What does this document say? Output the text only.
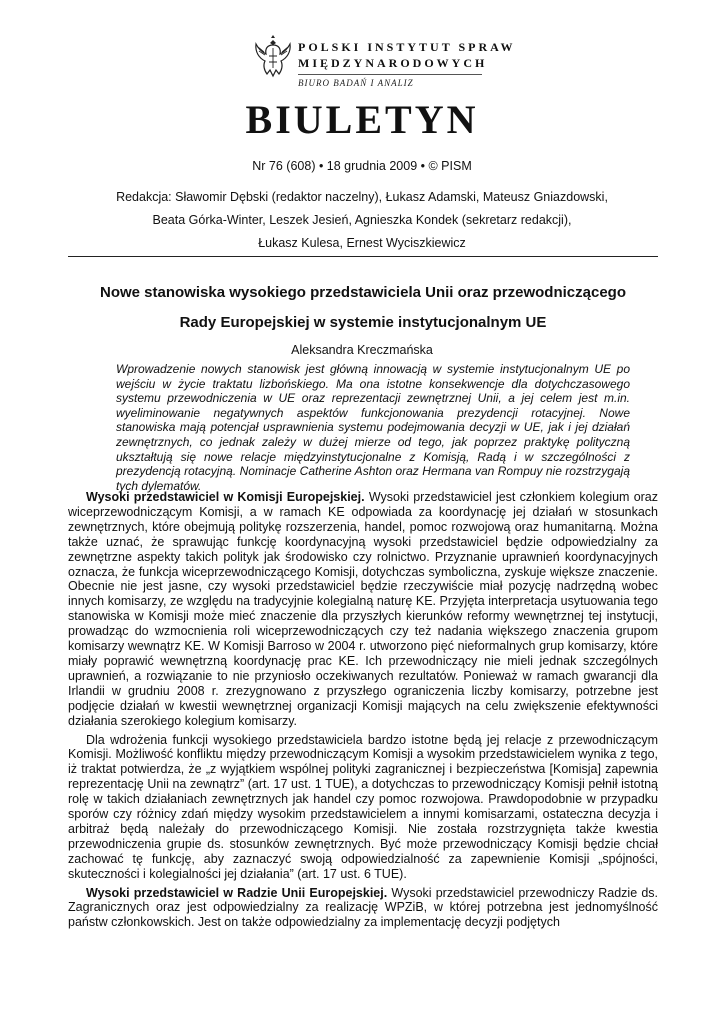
POLSKI INSTYTUT SPRAW
MIĘDZYNARODOWYCH
BIURO BADAŃ I ANALIZ
BIULETYN
Nr 76 (608) • 18 grudnia 2009 • © PISM
Redakcja: Sławomir Dębski (redaktor naczelny), Łukasz Adamski, Mateusz Gniazdowski,
Beata Górka-Winter, Leszek Jesień, Agnieszka Kondek (sekretarz redakcji),
Łukasz Kulesa, Ernest Wyciszkiewicz
Nowe stanowiska wysokiego przedstawiciela Unii oraz przewodniczącego
Rady Europejskiej w systemie instytucjonalnym UE
Aleksandra Kreczmańska

Wprowadzenie nowych stanowisk jest główną innowacją w systemie instytucjonalnym UE po wejściu w życie traktatu lizbońskiego. Ma ona istotne konsekwencje dla dotychczasowego systemu przewodniczenia w UE oraz reprezentacji zewnętrznej Unii, a jej celem jest m.in. wyeliminowanie negatywnych aspektów funkcjonowania prezydencji rotacyjnej. Nowe stanowiska mają potencjał usprawnienia systemu podejmowania decyzji w UE, jak i jej działań zewnętrznych, co jednak zależy w dużej mierze od tego, jak poprzez praktykę polityczną ukształtują się nowe relacje międzyinstytucjonalne z Komisją, Radą i w szczególności z prezydencją rotacyjną. Nominacje Catherine Ashton oraz Hermana van Rompuy nie rozstrzygają tych dylematów.

Wysoki przedstawiciel w Komisji Europejskiej. Wysoki przedstawiciel jest członkiem kolegium oraz wiceprzewodniczącym Komisji, a w ramach KE odpowiada za koordynację jej działań w stosunkach zewnętrznych, które obejmują politykę rozszerzenia, handel, pomoc rozwojową oraz humanitarną. Można także uznać, że sprawując funkcję koordynacyjną wysoki przedstawiciel będzie odpowiedzialny za zewnętrzne aspekty takich polityk jak środowisko czy rolnictwo. Przyznanie uprawnień koordynacyjnych oznacza, że funkcja wiceprzewodniczącego Komisji, dotychczas symboliczna, zyskuje większe znaczenie. Obecnie nie jest jasne, czy wysoki przedstawiciel będzie rzeczywiście miał pozycję nadrzędną wobec innych komisarzy, ze względu na tradycyjnie kolegialną naturę KE. Przyjęta interpretacja usytuowania tego stanowiska w Komisji może mieć znaczenie dla przyszłych kierunków reformy wewnętrznej tej instytucji, prowadząc do wzmocnienia roli wiceprzewodniczących czy też nadania większego znaczenia grupom komisarzy wewnątrz KE. W Komisji Barroso w 2004 r. utworzono pięć nieformalnych grup komisarzy, które miały poprawić wewnętrzną koordynację prac KE. Ich przewodniczący nie mieli jednak szczególnych uprawnień, a rozwiązanie to nie przyniosło oczekiwanych rezultatów. Ponieważ w ramach gwarancji dla Irlandii w grudniu 2008 r. zrezygnowano z przyszłego ograniczenia liczby komisarzy, potrzebne jest podjęcie działań w kwestii wewnętrznej organizacji Komisji mających na celu zwiększenie efektywności działania szerokiego kolegium komisarzy.

Dla wdrożenia funkcji wysokiego przedstawiciela bardzo istotne będą jej relacje z przewodniczącym Komisji. Możliwość konfliktu między przewodniczącym Komisji a wysokim przedstawicielem wynika z tego, iż traktat potwierdza, że „z wyjątkiem wspólnej polityki zagranicznej i bezpieczeństwa [Komisja] zapewnia reprezentację Unii na zewnątrz” (art. 17 ust. 1 TUE), a dotychczas to przewodniczący Komisji pełnił istotną rolę w takich działaniach zewnętrznych jak handel czy pomoc rozwojowa. Prawdopodobnie w przypadku sporów czy różnicy zdań między wysokim przedstawicielem a innymi komisarzami, ostateczna decyzja i arbitraż będą należały do przewodniczącego Komisji. Nie została rozstrzygnięta także kwestia przewodniczenia grupie ds. stosunków zewnętrznych. Być może przewodniczący Komisji będzie chciał zachować tę funkcję, aby zaznaczyć swoją odpowiedzialność za zapewnienie Komisji „spójności, skuteczności i kolegialności jej działania” (art. 17 ust. 6 TUE).

Wysoki przedstawiciel w Radzie Unii Europejskiej. Wysoki przedstawiciel przewodniczy Radzie ds. Zagranicznych oraz jest odpowiedzialny za realizację WPZiB, w której potrzebna jest jednomyślność państw członkowskich. Jest on także odpowiedzialny za implementację decyzji podjętych
